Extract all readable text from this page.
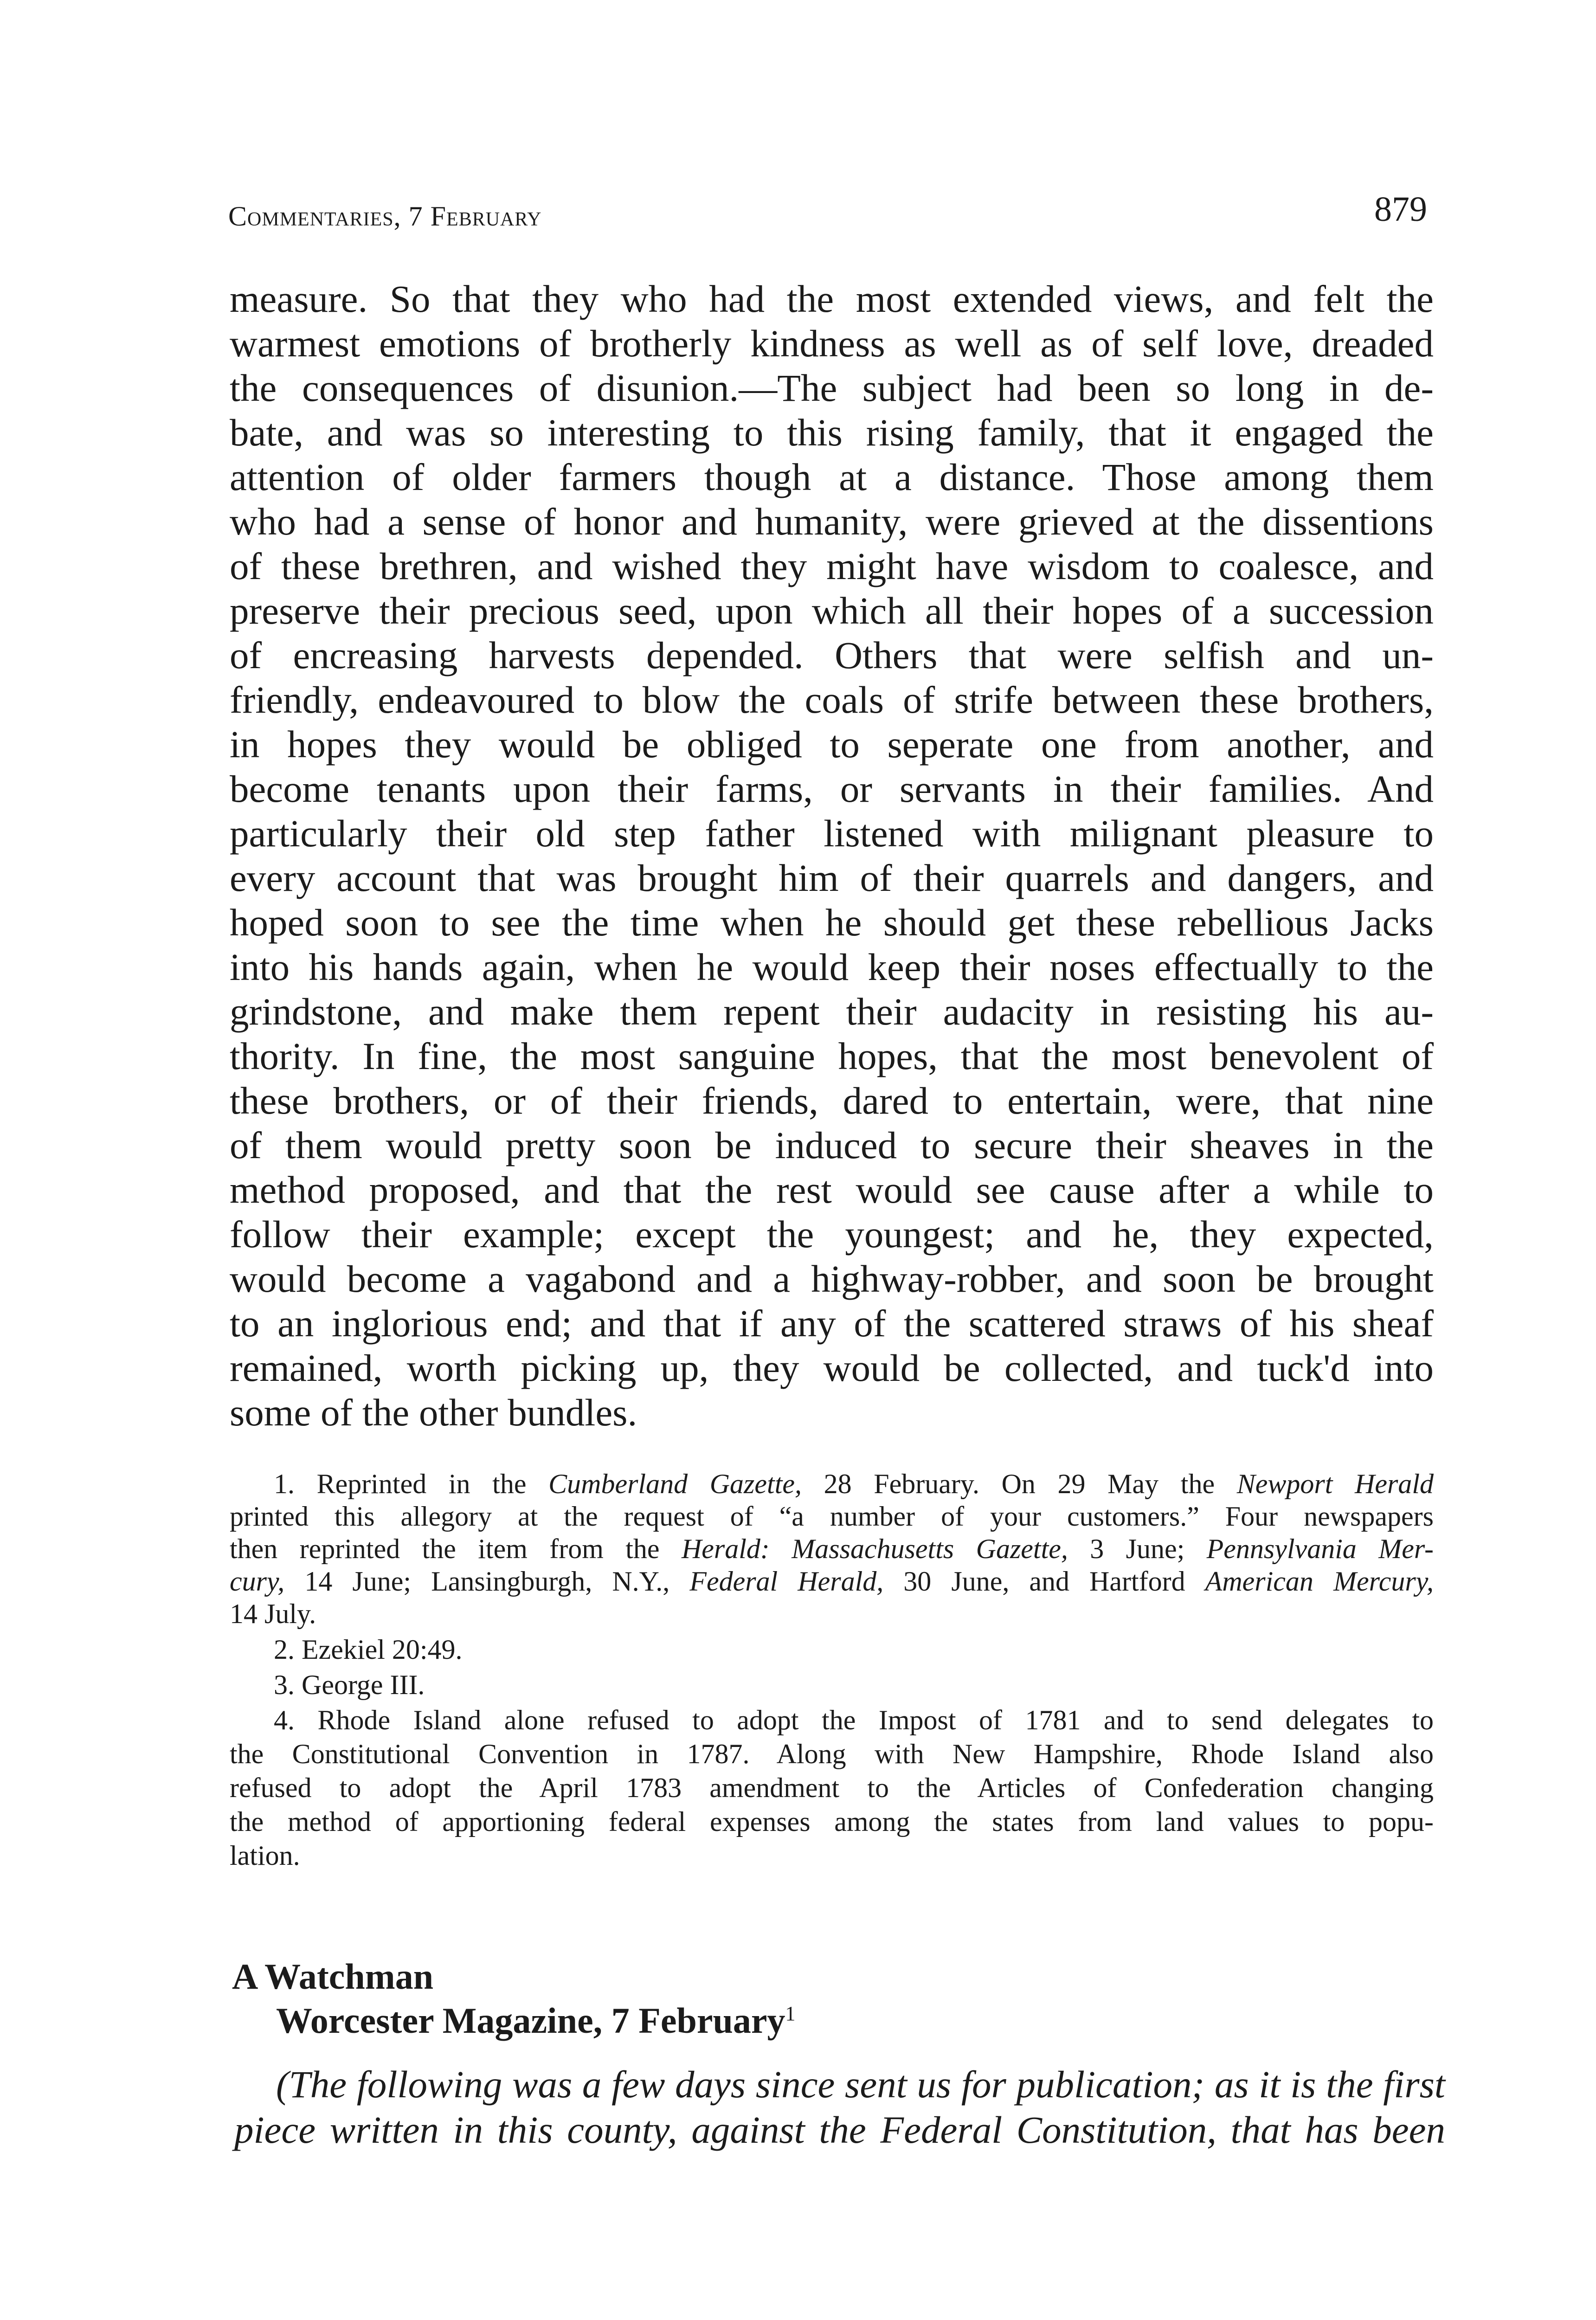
Commentaries, 7 February	879
measure. So that they who had the most extended views, and felt the
warmest emotions of brotherly kindness as well as of self love, dreaded
the consequences of disunion.—The subject had been so long in de-
bate, and was so interesting to this rising family, that it engaged the
attention of older farmers though at a distance. Those among them
who had a sense of honor and humanity, were grieved at the dissentions
of these brethren, and wished they might have wisdom to coalesce, and
preserve their precious seed, upon which all their hopes of a succession
of encreasing harvests depended. Others that were selfish and un-
friendly, endeavoured to blow the coals of strife between these brothers,
in hopes they would be obliged to seperate one from another, and
become tenants upon their farms, or servants in their families. And
particularly their old step father listened with milignant pleasure to
every account that was brought him of their quarrels and dangers, and
hoped soon to see the time when he should get these rebellious Jacks
into his hands again, when he would keep their noses effectually to the
grindstone, and make them repent their audacity in resisting his au-
thority. In fine, the most sanguine hopes, that the most benevolent of
these brothers, or of their friends, dared to entertain, were, that nine
of them would pretty soon be induced to secure their sheaves in the
method proposed, and that the rest would see cause after a while to
follow their example; except the youngest; and he, they expected,
would become a vagabond and a highway-robber, and soon be brought
to an inglorious end; and that if any of the scattered straws of his sheaf
remained, worth picking up, they would be collected, and tuck'd into
some of the other bundles.
1. Reprinted in the Cumberland Gazette, 28 February. On 29 May the Newport Herald
printed this allegory at the request of “a number of your customers.” Four newspapers
then reprinted the item from the Herald: Massachusetts Gazette, 3 June; Pennsylvania Mer-
cury, 14 June; Lansingburgh, N.Y., Federal Herald, 30 June, and Hartford American Mercury,
14 July.
2. Ezekiel 20:49.
3. George III.
4. Rhode Island alone refused to adopt the Impost of 1781 and to send delegates to
the Constitutional Convention in 1787. Along with New Hampshire, Rhode Island also
refused to adopt the April 1783 amendment to the Articles of Confederation changing
the method of apportioning federal expenses among the states from land values to popu-
lation.
A Watchman
Worcester Magazine, 7 February$^1$
(The following was a few days since sent us for publication; as it is the first
piece written in this county, against the Federal Constitution, that has been
